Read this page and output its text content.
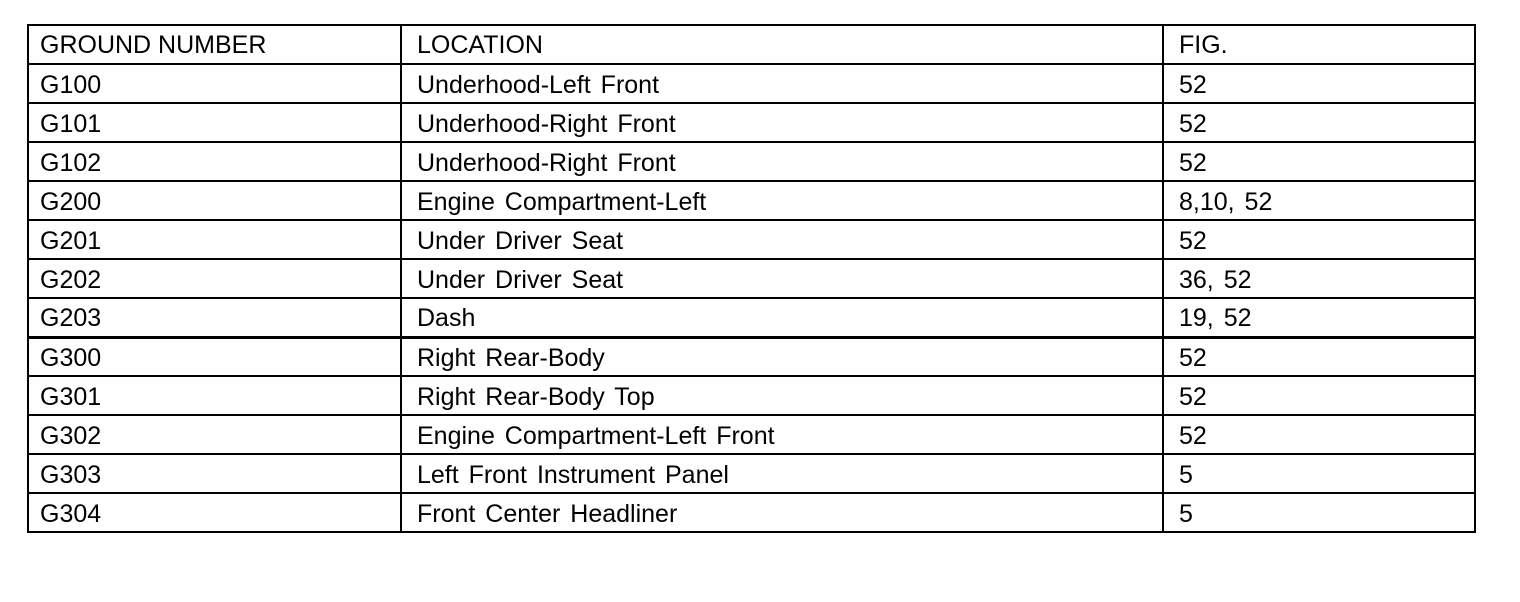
GROUND NUMBER	LOCATION	FIG.
G100	Underhood-Left Front	52
G101	Underhood-Right Front	52
G102	Underhood-Right Front	52
G200	Engine Compartment-Left	8,10, 52
G201	Under Driver Seat	52
G202	Under Driver Seat	36, 52
G203	Dash	19, 52
G300	Right Rear-Body	52
G301	Right Rear-Body Top	52
G302	Engine Compartment-Left Front	52
G303	Left Front Instrument Panel	5
G304	Front Center Headliner	5
